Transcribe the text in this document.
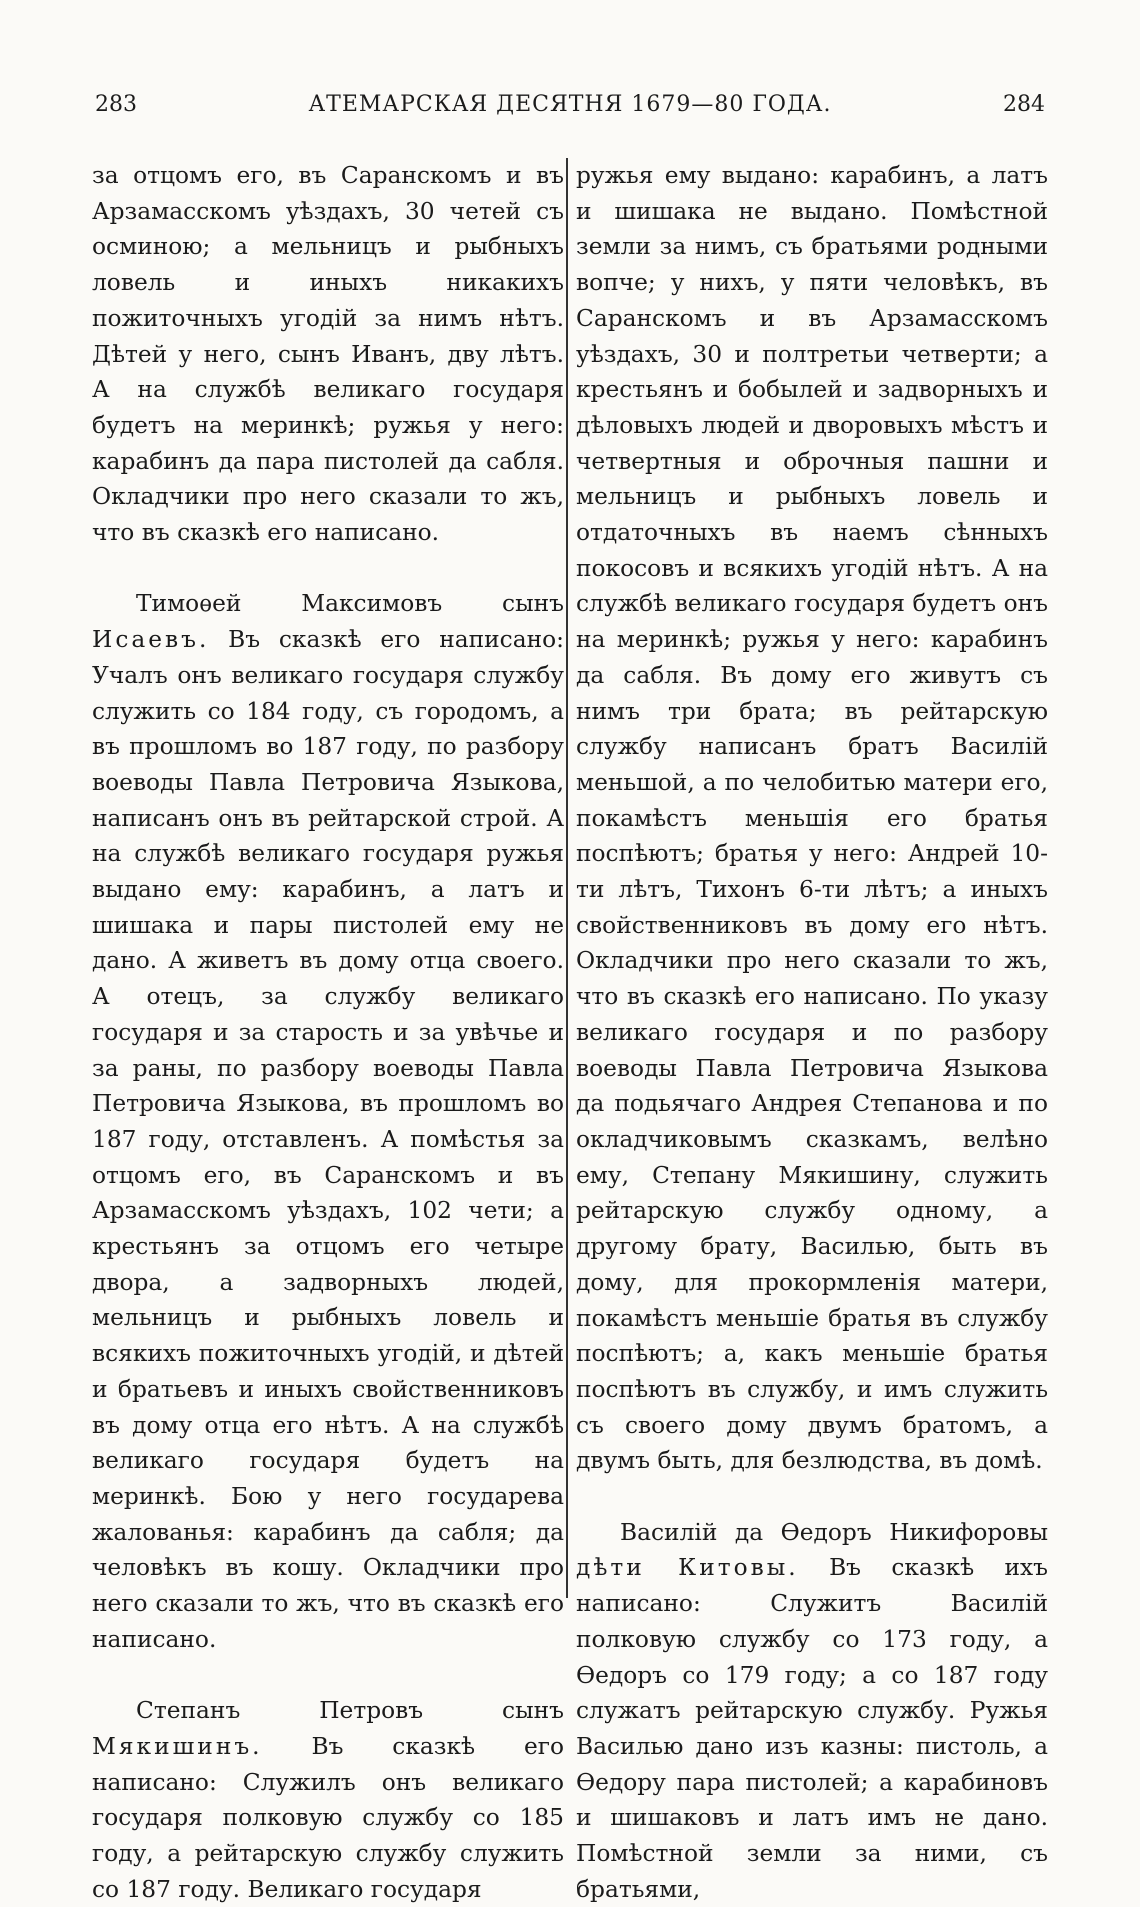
283	АТЕМАРСКАЯ ДЕСЯТНЯ 1679—80 ГОДА.	284

за отцомъ его, въ Саранскомъ и въ Арзамасскомъ уѣздахъ, 30 четей съ осминою; а мельницъ и рыбныхъ ловель и иныхъ никакихъ пожиточныхъ угодій за нимъ нѣтъ. Дѣтей у него, сынъ Иванъ, дву лѣтъ. А на службѣ великаго государя будетъ на меринкѣ; ружья у него: карабинъ да пара пистолей да сабля. Окладчики про него сказали то жъ, что въ сказкѣ его написано.

Тимоѳей Максимовъ сынъ Исаевъ. Въ сказкѣ его написано: Учалъ онъ великаго государя службу служить со 184 году, съ городомъ, а въ прошломъ во 187 году, по разбору воеводы Павла Петровича Языкова, написанъ онъ въ рейтарской строй. А на службѣ великаго государя ружья выдано ему: карабинъ, а латъ и шишака и пары пистолей ему не дано. А живетъ въ дому отца своего. А отецъ, за службу великаго государя и за старость и за увѣчье и за раны, по разбору воеводы Павла Петровича Языкова, въ прошломъ во 187 году, отставленъ. А помѣстья за отцомъ его, въ Саранскомъ и въ Арзамасскомъ уѣздахъ, 102 чети; а крестьянъ за отцомъ его четыре двора, а задворныхъ людей, мельницъ и рыбныхъ ловель и всякихъ пожиточныхъ угодій, и дѣтей и братьевъ и иныхъ свойственниковъ въ дому отца его нѣтъ. А на службѣ великаго государя будетъ на меринкѣ. Бою у него государева жалованья: карабинъ да сабля; да человѣкъ въ кошу. Окладчики про него сказали то жъ, что въ сказкѣ его написано.

Степанъ Петровъ сынъ Мякишинъ. Въ сказкѣ его написано: Служилъ онъ великаго государя полковую службу со 185 году, а рейтарскую службу служить со 187 году. Великаго государя

ружья ему выдано: карабинъ, а латъ и шишака не выдано. Помѣстной земли за нимъ, съ братьями родными вопче; у нихъ, у пяти человѣкъ, въ Саранскомъ и въ Арзамасскомъ уѣздахъ, 30 и полтретьи четверти; а крестьянъ и бобылей и задворныхъ и дѣловыхъ людей и дворовыхъ мѣстъ и четвертныя и оброчныя пашни и мельницъ и рыбныхъ ловель и отдаточныхъ въ наемъ сѣнныхъ покосовъ и всякихъ угодій нѣтъ. А на службѣ великаго государя будетъ онъ на меринкѣ; ружья у него: карабинъ да сабля. Въ дому его живутъ съ нимъ три брата; въ рейтарскую службу написанъ братъ Василій меньшой, а по челобитью матери его, покамѣстъ меньшія его братья поспѣютъ; братья у него: Андрей 10-ти лѣтъ, Тихонъ 6-ти лѣтъ; а иныхъ свойственниковъ въ дому его нѣтъ. Окладчики про него сказали то жъ, что въ сказкѣ его написано. По указу великаго государя и по разбору воеводы Павла Петровича Языкова да подьячаго Андрея Степанова и по окладчиковымъ сказкамъ, велѣно ему, Степану Мякишину, служить рейтарскую службу одному, а другому брату, Василью, быть въ дому, для прокормленія матери, покамѣстъ меньшіе братья въ службу поспѣютъ; а, какъ меньшіе братья поспѣютъ въ службу, и имъ служить съ своего дому двумъ братомъ, а двумъ быть, для безлюдства, въ домѣ.

Василій да Ѳедоръ Никифоровы дѣти Китовы. Въ сказкѣ ихъ написано: Служитъ Василій полковую службу со 173 году, а Ѳедоръ со 179 году; а со 187 году служатъ рейтарскую службу. Ружья Василью дано изъ казны: пистоль, а Ѳедору пара пистолей; а карабиновъ и шишаковъ и латъ имъ не дано. Помѣстной земли за ними, съ братьями,
